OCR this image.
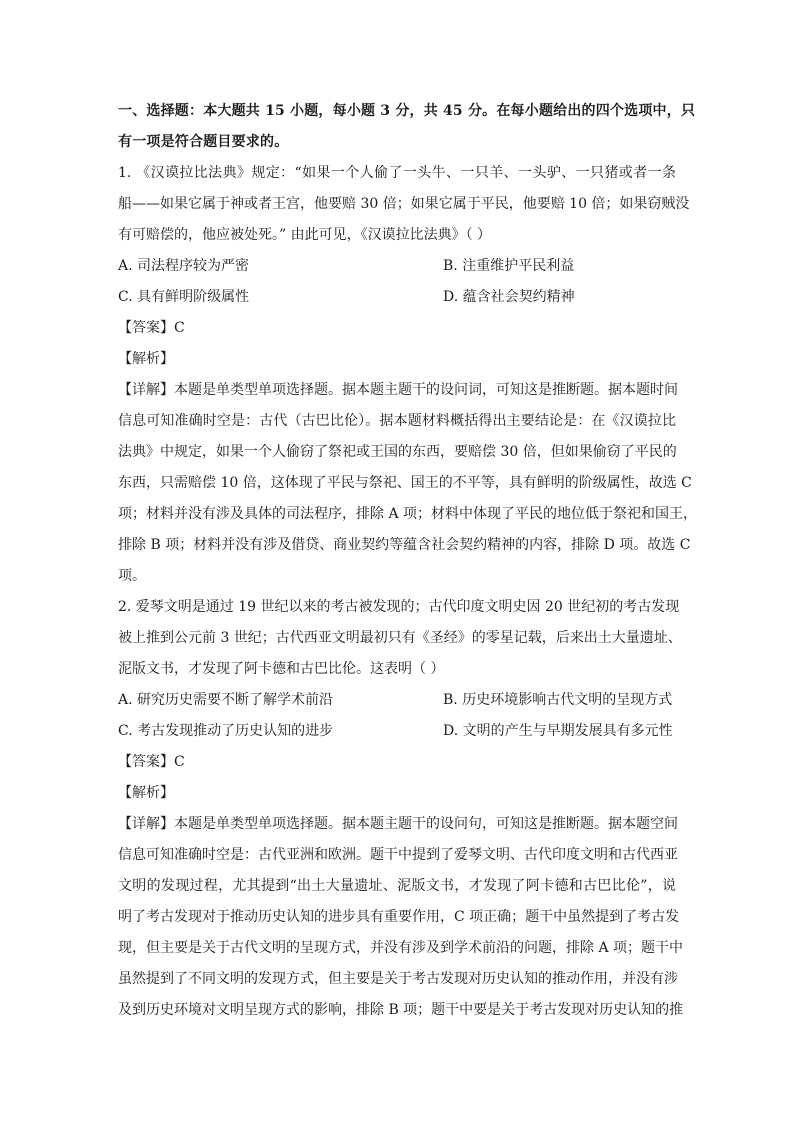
一、选择题：本大题共 15 小题，每小题 3 分，共 45 分。在每小题给出的四个选项中，只

有一项是符合题目要求的。

1. 《汉谟拉比法典》规定：“如果一个人偷了一头牛、一只羊、一头驴、一只猪或者一条

船——如果它属于神或者王宫，他要赔 30 倍；如果它属于平民，他要赔 10 倍；如果窃贼没

有可赔偿的，他应被处死。” 由此可见，《汉谟拉比法典》（ ）

A. 司法程序较为严密	B. 注重维护平民利益
C. 具有鲜明阶级属性	D. 蕴含社会契约精神

【答案】C

【解析】

【详解】本题是单类型单项选择题。据本题主题干的设问词，可知这是推断题。据本题时间

信息可知准确时空是：古代（古巴比伦）。据本题材料概括得出主要结论是：在《汉谟拉比

法典》中规定，如果一个人偷窃了祭祀或王国的东西，要赔偿 30 倍，但如果偷窃了平民的

东西，只需赔偿 10 倍，这体现了平民与祭祀、国王的不平等，具有鲜明的阶级属性，故选 C

项；材料并没有涉及具体的司法程序，排除 A 项；材料中体现了平民的地位低于祭祀和国王，

排除 B 项；材料并没有涉及借贷、商业契约等蕴含社会契约精神的内容，排除 D 项。故选 C

项。

2. 爱琴文明是通过 19 世纪以来的考古被发现的；古代印度文明史因 20 世纪初的考古发现

被上推到公元前 3 世纪；古代西亚文明最初只有《圣经》的零星记载，后来出土大量遗址、

泥版文书，才发现了阿卡德和古巴比伦。这表明（ ）

A. 研究历史需要不断了解学术前沿	B. 历史环境影响古代文明的呈现方式
C. 考古发现推动了历史认知的进步	D. 文明的产生与早期发展具有多元性

【答案】C

【解析】

【详解】本题是单类型单项选择题。据本题主题干的设问句，可知这是推断题。据本题空间

信息可知准确时空是：古代亚洲和欧洲。题干中提到了爱琴文明、古代印度文明和古代西亚

文明的发现过程，尤其提到“出土大量遗址、泥版文书，才发现了阿卡德和古巴比伦”，说

明了考古发现对于推动历史认知的进步具有重要作用，C 项正确；题干中虽然提到了考古发

现，但主要是关于古代文明的呈现方式，并没有涉及到学术前沿的问题，排除 A 项；题干中

虽然提到了不同文明的发现方式，但主要是关于考古发现对历史认知的推动作用，并没有涉

及到历史环境对文明呈现方式的影响，排除 B 项；题干中要是关于考古发现对历史认知的推
